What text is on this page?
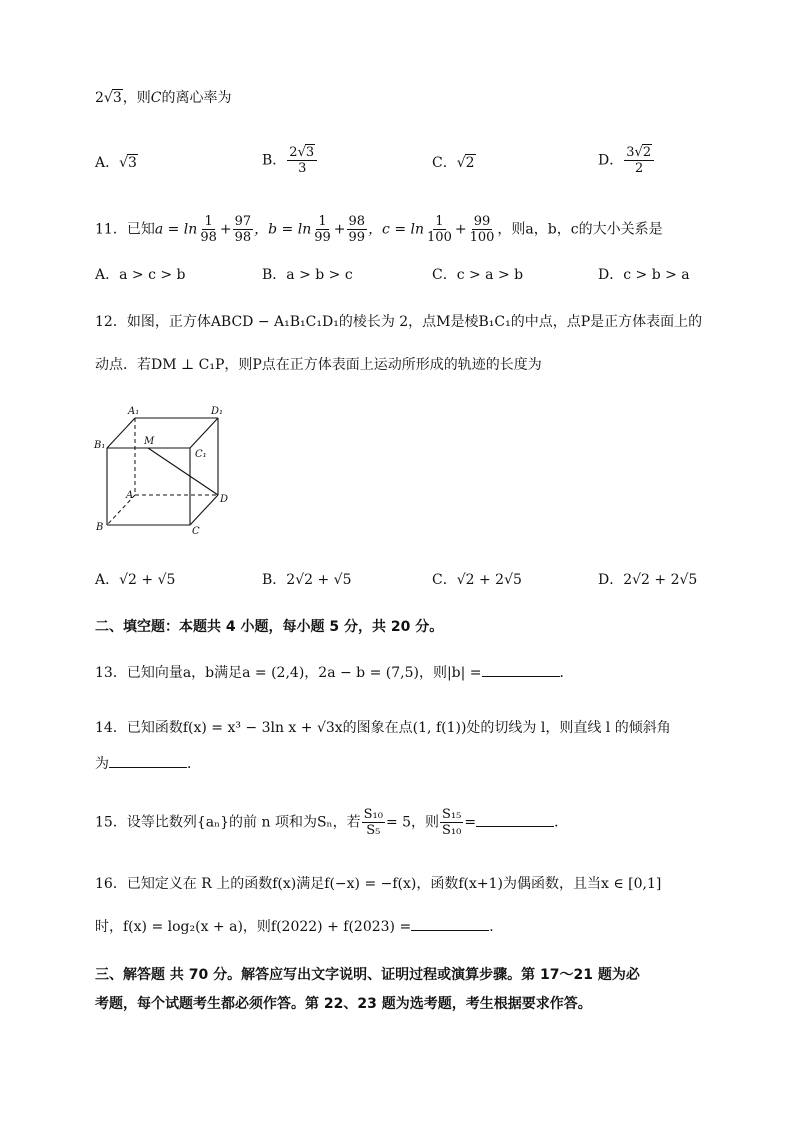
2√3，则C的离心率为
A．√3	B． $\frac{2√3}{3}$	C．√2	D． $\frac{3√2}{2}$
11．已知$a = \ln \frac{1}{98} + \frac{97}{98}$ ，$b = \ln \frac{1}{99} + \frac{98}{99}$ ，$c = \ln \frac{1}{100} + \frac{99}{100}$ ，则a，b，c的大小关系是
A．a > c > b	B．a > b > c	C．c > a > b	D．c > b > a
12．如图，正方体ABCD − A₁B₁C₁D₁的棱长为 2，点M是棱B₁C₁的中点，点P是正方体表面上的
动点．若DM ⊥ C₁P，则P点在正方体表面上运动所形成的轨迹的长度为
A₁	D₁
B₁	M
C₁
A	D
B	C
A．√2 + √5	B．2√2 + √5	C．√2 + 2√5	D．2√2 + 2√5
二、填空题：本题共 4 小题，每小题 5 分，共 20 分。
13．已知向量a，b满足a = (2,4)，2a − b = (7,5)，则|b| =	．
14．已知函数f(x) = x³ − 3ln x + √3x的图象在点(1, f(1))处的切线为 l，则直线 l 的倾斜角
为	．
15．设等比数列{aₙ}的前 n 项和为Sₙ，若 $\frac{\text{S₁₀}}{\text{S₅}} = 5$，则 $\frac{\text{S₁₅}}{\text{S₁₀}}$ =	．
16．已知定义在 R 上的函数f(x)满足f(−x) = −f(x)，函数f(x+1)为偶函数，且当x ∈ [0,1]
时，f(x) = log₂(x + a)，则f(2022) + f(2023) =	．
三、解答题 共 70 分。解答应写出文字说明、证明过程或演算步骤。第 17～21 题为必
考题，每个试题考生都必须作答。第 22、23 题为选考题，考生根据要求作答。
